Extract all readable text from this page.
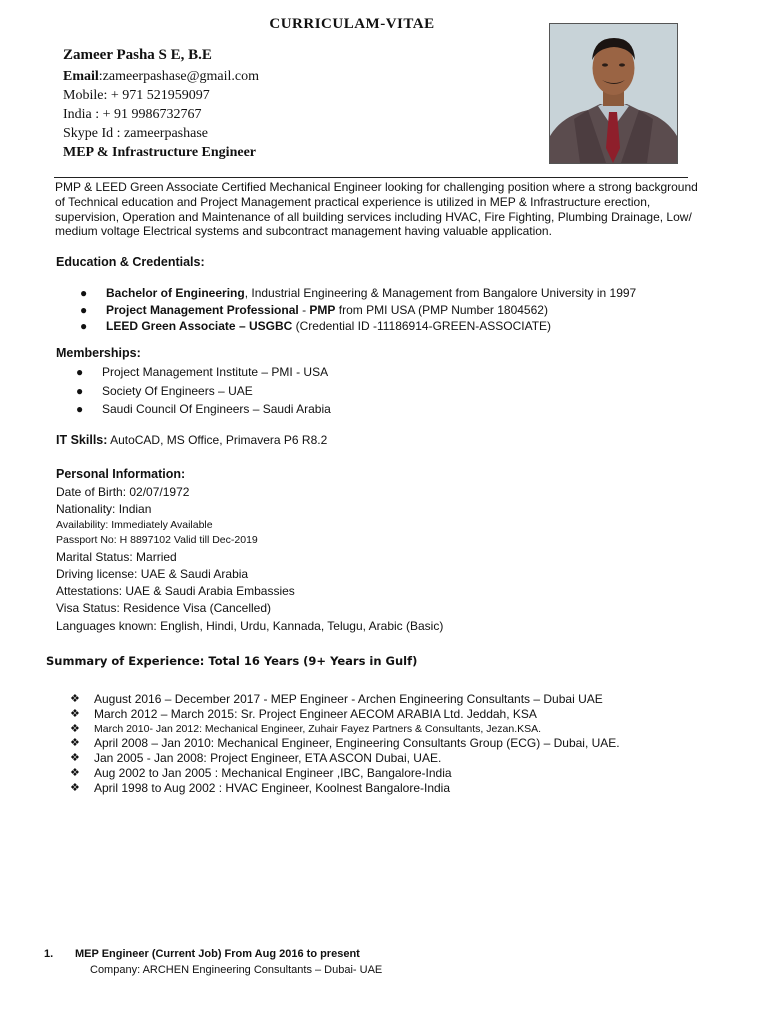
CURRICULAM-VITAE
Zameer Pasha S E, B.E
Email:zameerpashase@gmail.com
Mobile: + 971 521959097
India : + 91 9986732767
Skype Id : zameerpashase
MEP & Infrastructure Engineer
PMP & LEED Green Associate Certified Mechanical Engineer looking for challenging position where a strong background of Technical education and Project Management practical experience is utilized in MEP & Infrastructure erection, supervision, Operation and Maintenance of all building services including HVAC, Fire Fighting, Plumbing Drainage, Low/ medium voltage Electrical systems and subcontract management having valuable application.
Education & Credentials:
● Bachelor of Engineering, Industrial Engineering & Management from Bangalore University in 1997
● Project Management Professional - PMP from PMI USA (PMP Number 1804562)
● LEED Green Associate – USGBC (Credential ID -11186914-GREEN-ASSOCIATE)
Memberships:
● Project Management Institute – PMI - USA
● Society Of Engineers – UAE
● Saudi Council Of Engineers – Saudi Arabia
IT Skills: AutoCAD, MS Office, Primavera P6 R8.2
Personal Information:
Date of Birth: 02/07/1972
Nationality: Indian
Availability: Immediately Available
Passport No: H 8897102 Valid till Dec-2019
Marital Status: Married
Driving license: UAE & Saudi Arabia
Attestations: UAE & Saudi Arabia Embassies
Visa Status: Residence Visa (Cancelled)
Languages known: English, Hindi, Urdu, Kannada, Telugu, Arabic (Basic)
Summary of Experience: Total 16 Years (9+ Years in Gulf)
❖ August 2016 – December 2017 - MEP Engineer - Archen Engineering Consultants – Dubai UAE
❖ March 2012 – March 2015: Sr. Project Engineer AECOM ARABIA Ltd. Jeddah, KSA
❖ March 2010- Jan 2012: Mechanical Engineer, Zuhair Fayez Partners & Consultants, Jezan.KSA.
❖ April 2008 – Jan 2010: Mechanical Engineer, Engineering Consultants Group (ECG) – Dubai, UAE.
❖ Jan 2005 - Jan 2008: Project Engineer, ETA ASCON Dubai, UAE.
❖ Aug 2002 to Jan 2005 : Mechanical Engineer ,IBC, Bangalore-India
❖ April 1998 to Aug 2002 : HVAC Engineer, Koolnest Bangalore-India
1. MEP Engineer (Current Job) From Aug 2016 to present
Company: ARCHEN Engineering Consultants – Dubai- UAE
